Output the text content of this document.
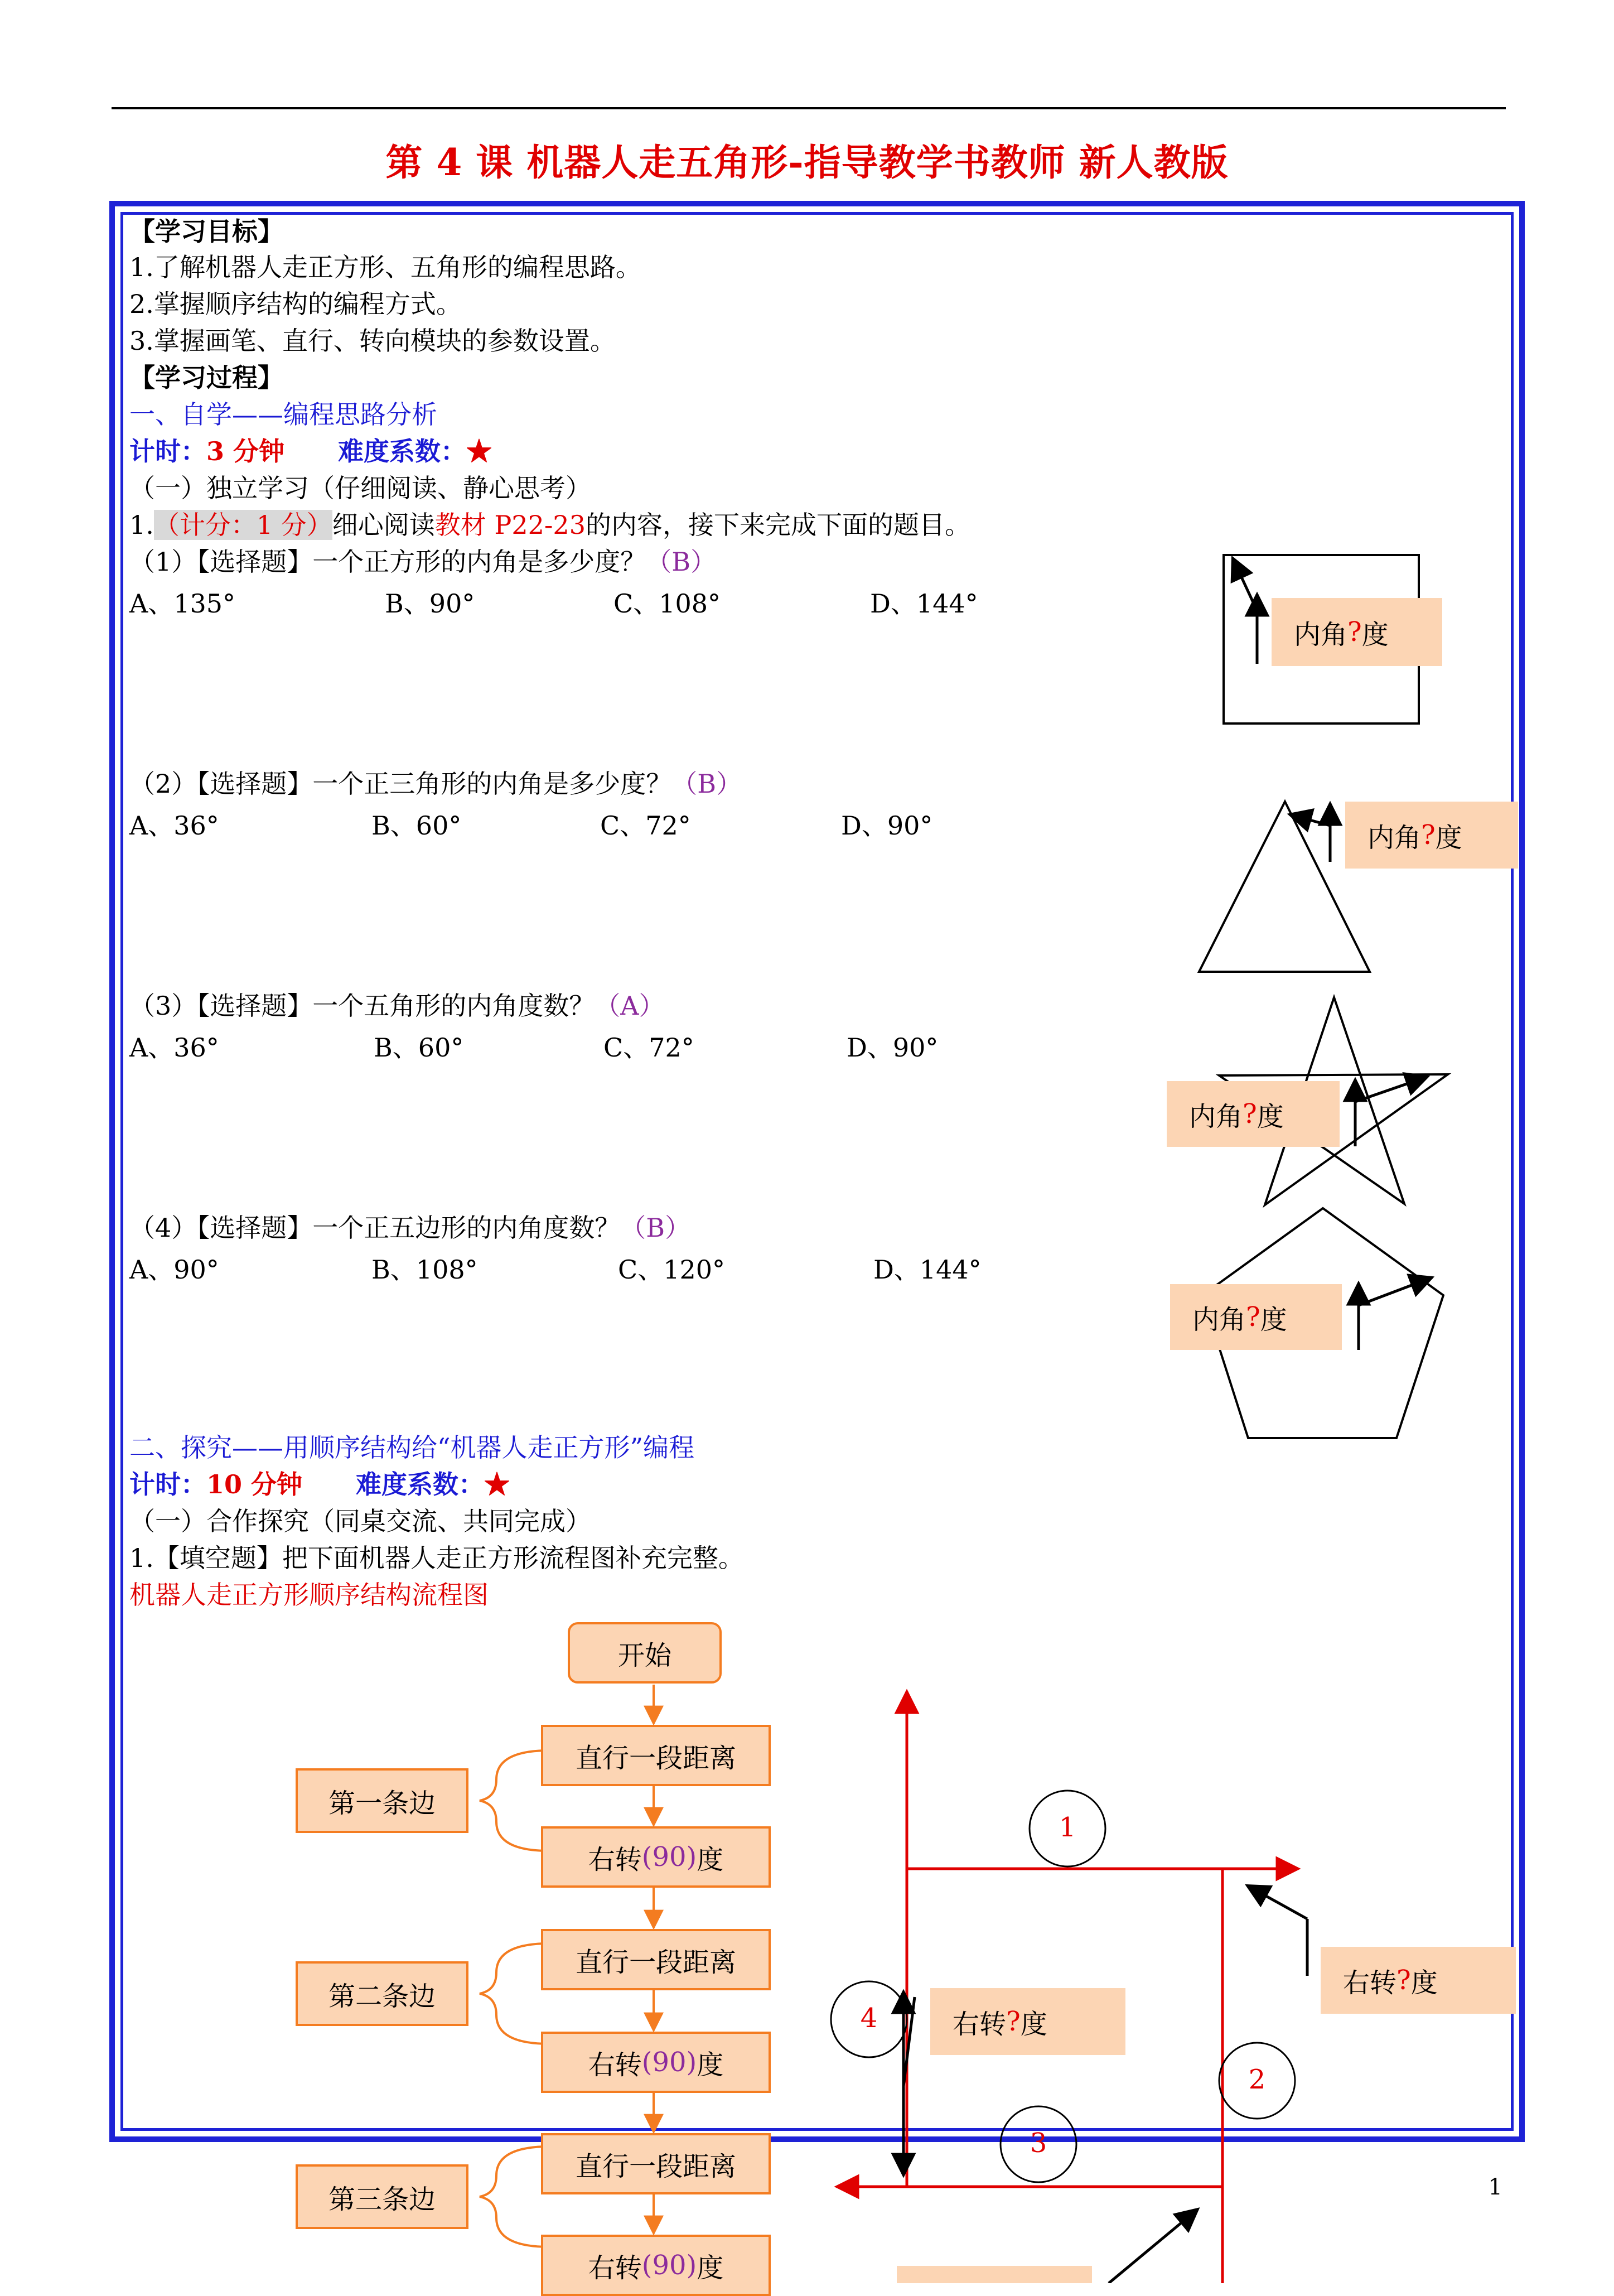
第 4 课 机器人走五角形-指导教学书教师 新人教版
【学习目标】
1.了解机器人走正方形、五角形的编程思路。
2.掌握顺序结构的编程方式。
3.掌握画笔、直行、转向模块的参数设置。
【学习过程】
一、自学——编程思路分析
计时：3 分钟 难度系数：★
（一）独立学习（仔细阅读、静心思考）
1.（计分：1 分）细心阅读教材 P22-23的内容，接下来完成下面的题目。
（1）【选择题】一个正方形的内角是多少度？（B）
A、135°	B、90°	C、108°	D、144°
（2）【选择题】一个正三角形的内角是多少度？（B）
A、36°	B、60°	C、72°	D、90°
（3）【选择题】一个五角形的内角度数？（A）
A、36°	B、60°	C、72°	D、90°
（4）【选择题】一个正五边形的内角度数？（B）
A、90°	B、108°	C、120°	D、144°
二、探究——用顺序结构给“机器人走正方形”编程
计时：10 分钟 难度系数：★
（一）合作探究（同桌交流、共同完成）
1.【填空题】把下面机器人走正方形流程图补充完整。
机器人走正方形顺序结构流程图
内角 ? 度
内角 ? 度
内角 ? 度
内角 ? 度
开始
直行一段距离
右转 (90) 度
直行一段距离
右转 (90) 度
直行一段距离
右转 (90) 度
第一条边
第二条边
第三条边
右转 ? 度
右转 ? 度
1
2
3
4
1
